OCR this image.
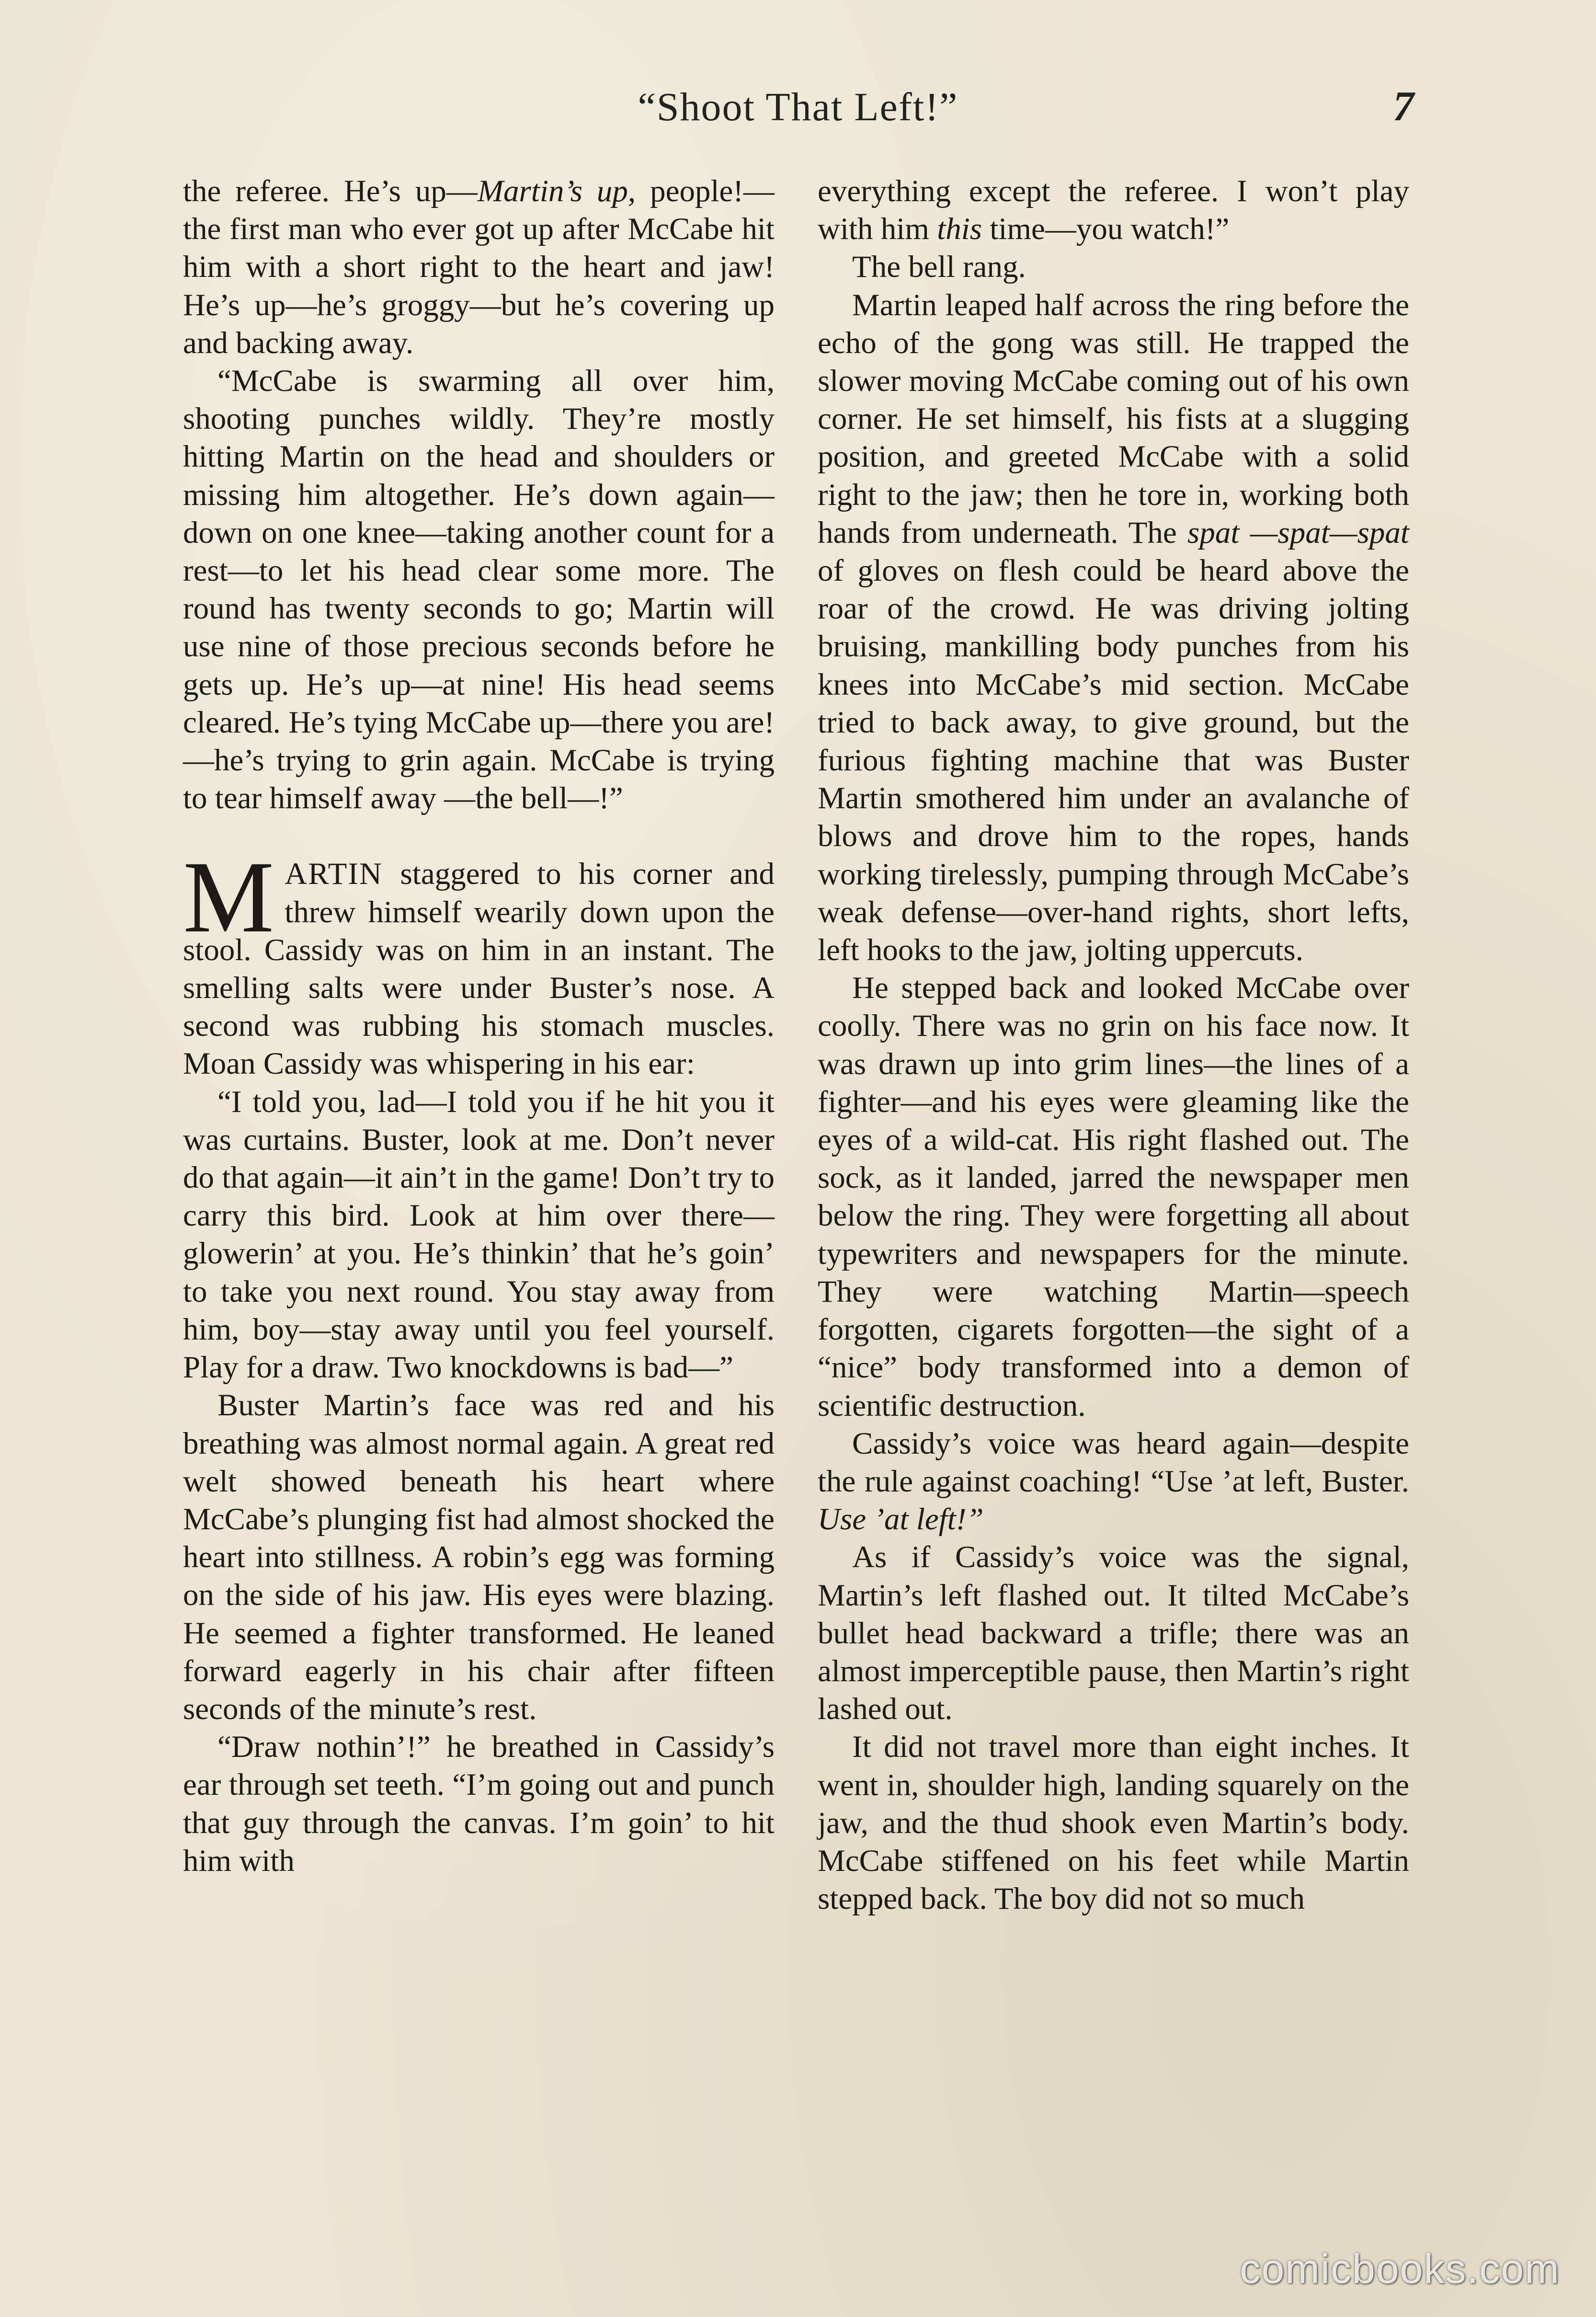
“Shoot That Left!”	7

the referee. He’s up—Martin’s up, people!—the first man who ever got up after McCabe hit him with a short right to the heart and jaw! He’s up—he’s groggy—but he’s covering up and backing away.

“McCabe is swarming all over him, shooting punches wildly. They’re mostly hitting Martin on the head and shoulders or missing him altogether. He’s down again—down on one knee—taking another count for a rest—to let his head clear some more. The round has twenty seconds to go; Martin will use nine of those precious seconds before he gets up. He’s up—at nine! His head seems cleared. He’s tying McCabe up—there you are!—he’s trying to grin again. McCabe is trying to tear himself away —the bell—!”

MARTIN staggered to his corner and threw himself wearily down upon the stool. Cassidy was on him in an instant. The smelling salts were under Buster’s nose. A second was rubbing his stomach muscles. Moan Cassidy was whispering in his ear:

“I told you, lad—I told you if he hit you it was curtains. Buster, look at me. Don’t never do that again—it ain’t in the game! Don’t try to carry this bird. Look at him over there—glowerin’ at you. He’s thinkin’ that he’s goin’ to take you next round. You stay away from him, boy—stay away until you feel yourself. Play for a draw. Two knockdowns is bad—”

Buster Martin’s face was red and his breathing was almost normal again. A great red welt showed beneath his heart where McCabe’s plunging fist had almost shocked the heart into stillness. A robin’s egg was forming on the side of his jaw. His eyes were blazing. He seemed a fighter transformed. He leaned forward eagerly in his chair after fifteen seconds of the minute’s rest.

“Draw nothin’!” he breathed in Cassidy’s ear through set teeth. “I’m going out and punch that guy through the canvas. I’m goin’ to hit him with

everything except the referee. I won’t play with him this time—you watch!”

The bell rang.

Martin leaped half across the ring before the echo of the gong was still. He trapped the slower moving McCabe coming out of his own corner. He set himself, his fists at a slugging position, and greeted McCabe with a solid right to the jaw; then he tore in, working both hands from underneath. The spat —spat—spat of gloves on flesh could be heard above the roar of the crowd. He was driving jolting bruising, mankilling body punches from his knees into McCabe’s mid section. McCabe tried to back away, to give ground, but the furious fighting machine that was Buster Martin smothered him under an avalanche of blows and drove him to the ropes, hands working tirelessly, pumping through McCabe’s weak defense—over-hand rights, short lefts, left hooks to the jaw, jolting uppercuts.

He stepped back and looked McCabe over coolly. There was no grin on his face now. It was drawn up into grim lines—the lines of a fighter—and his eyes were gleaming like the eyes of a wild-cat. His right flashed out. The sock, as it landed, jarred the newspaper men below the ring. They were forgetting all about typewriters and newspapers for the minute. They were watching Martin—speech forgotten, cigarets forgotten—the sight of a “nice” body transformed into a demon of scientific destruction.

Cassidy’s voice was heard again—despite the rule against coaching! “Use ’at left, Buster. Use ’at left!”

As if Cassidy’s voice was the signal, Martin’s left flashed out. It tilted McCabe’s bullet head backward a trifle; there was an almost imperceptible pause, then Martin’s right lashed out.

It did not travel more than eight inches. It went in, shoulder high, landing squarely on the jaw, and the thud shook even Martin’s body. McCabe stiffened on his feet while Martin stepped back. The boy did not so much

comicbooks.com
